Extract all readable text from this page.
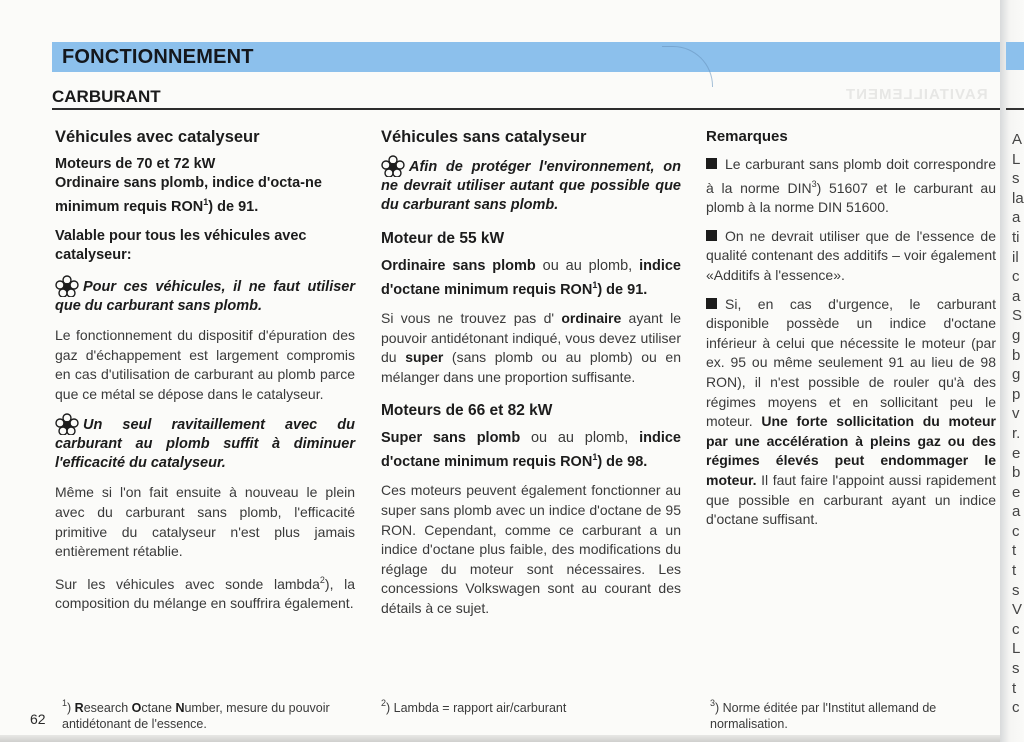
FONCTIONNEMENT
CARBURANT	RAVITAILLEMENT
Véhicules avec catalyseur
Moteurs de 70 et 72 kW
Ordinaire sans plomb, indice d'octa-ne minimum requis RON$^1$) de 91.
Valable pour tous les véhicules avec catalyseur:
Pour ces véhicules, il ne faut utiliser que du carburant sans plomb.

Le fonctionnement du dispositif d'épuration des gaz d'échappement est largement compromis en cas d'utilisation de carburant au plomb parce que ce métal se dépose dans le catalyseur.

Un seul ravitaillement avec du carburant au plomb suffit à diminuer l'efficacité du catalyseur.

Même si l'on fait ensuite à nouveau le plein avec du carburant sans plomb, l'efficacité primitive du catalyseur n'est plus jamais entièrement rétablie.

Sur les véhicules avec sonde lambda$^2$), la composition du mélange en souffrira également.

Véhicules sans catalyseur
Afin de protéger l'environnement, on ne devrait utiliser autant que possible que du carburant sans plomb.
Moteur de 55 kW

Ordinaire sans plomb ou au plomb, indice d'octane minimum requis RON$^1$) de 91.

Si vous ne trouvez pas d' ordinaire ayant le pouvoir antidétonant indiqué, vous devez utiliser du super (sans plomb ou au plomb) ou en mélanger dans une proportion suffisante.

Moteurs de 66 et 82 kW

Super sans plomb ou au plomb, indice d'octane minimum requis RON$^1$) de 98.

Ces moteurs peuvent également fonctionner au super sans plomb avec un indice d'octane de 95 RON. Cependant, comme ce carburant a un indice d'octane plus faible, des modifications du réglage du moteur sont nécessaires. Les concessions Volkswagen sont au courant des détails à ce sujet.

Remarques

Le carburant sans plomb doit correspondre à la norme DIN$^3$) 51607 et le carburant au plomb à la norme DIN 51600.

On ne devrait utiliser que de l'essence de qualité contenant des additifs – voir également «Additifs à l'essence».

Si, en cas d'urgence, le carburant disponible possède un indice d'octane inférieur à celui que nécessite le moteur (par ex. 95 ou même seulement 91 au lieu de 98 RON), il n'est possible de rouler qu'à des régimes moyens et en sollicitant peu le moteur. Une forte sollicitation du moteur par une accélération à pleins gaz ou des régimes élevés peut endommager le moteur. Il faut faire l'appoint aussi rapidement que possible en carburant ayant un indice d'octane suffisant.

$^1$) Research Octane Number, mesure du pouvoir antidétonant de l'essence.
$^2$) Lambda = rapport air/carburant	$^3$) Norme éditée par l'Institut allemand de normalisation.
62
A
L
s
la
a
ti
il
c
a
S
g
b
g
p
v
r.
e
b
e
a
c
t
t
s
V
c
L
s
t
c
